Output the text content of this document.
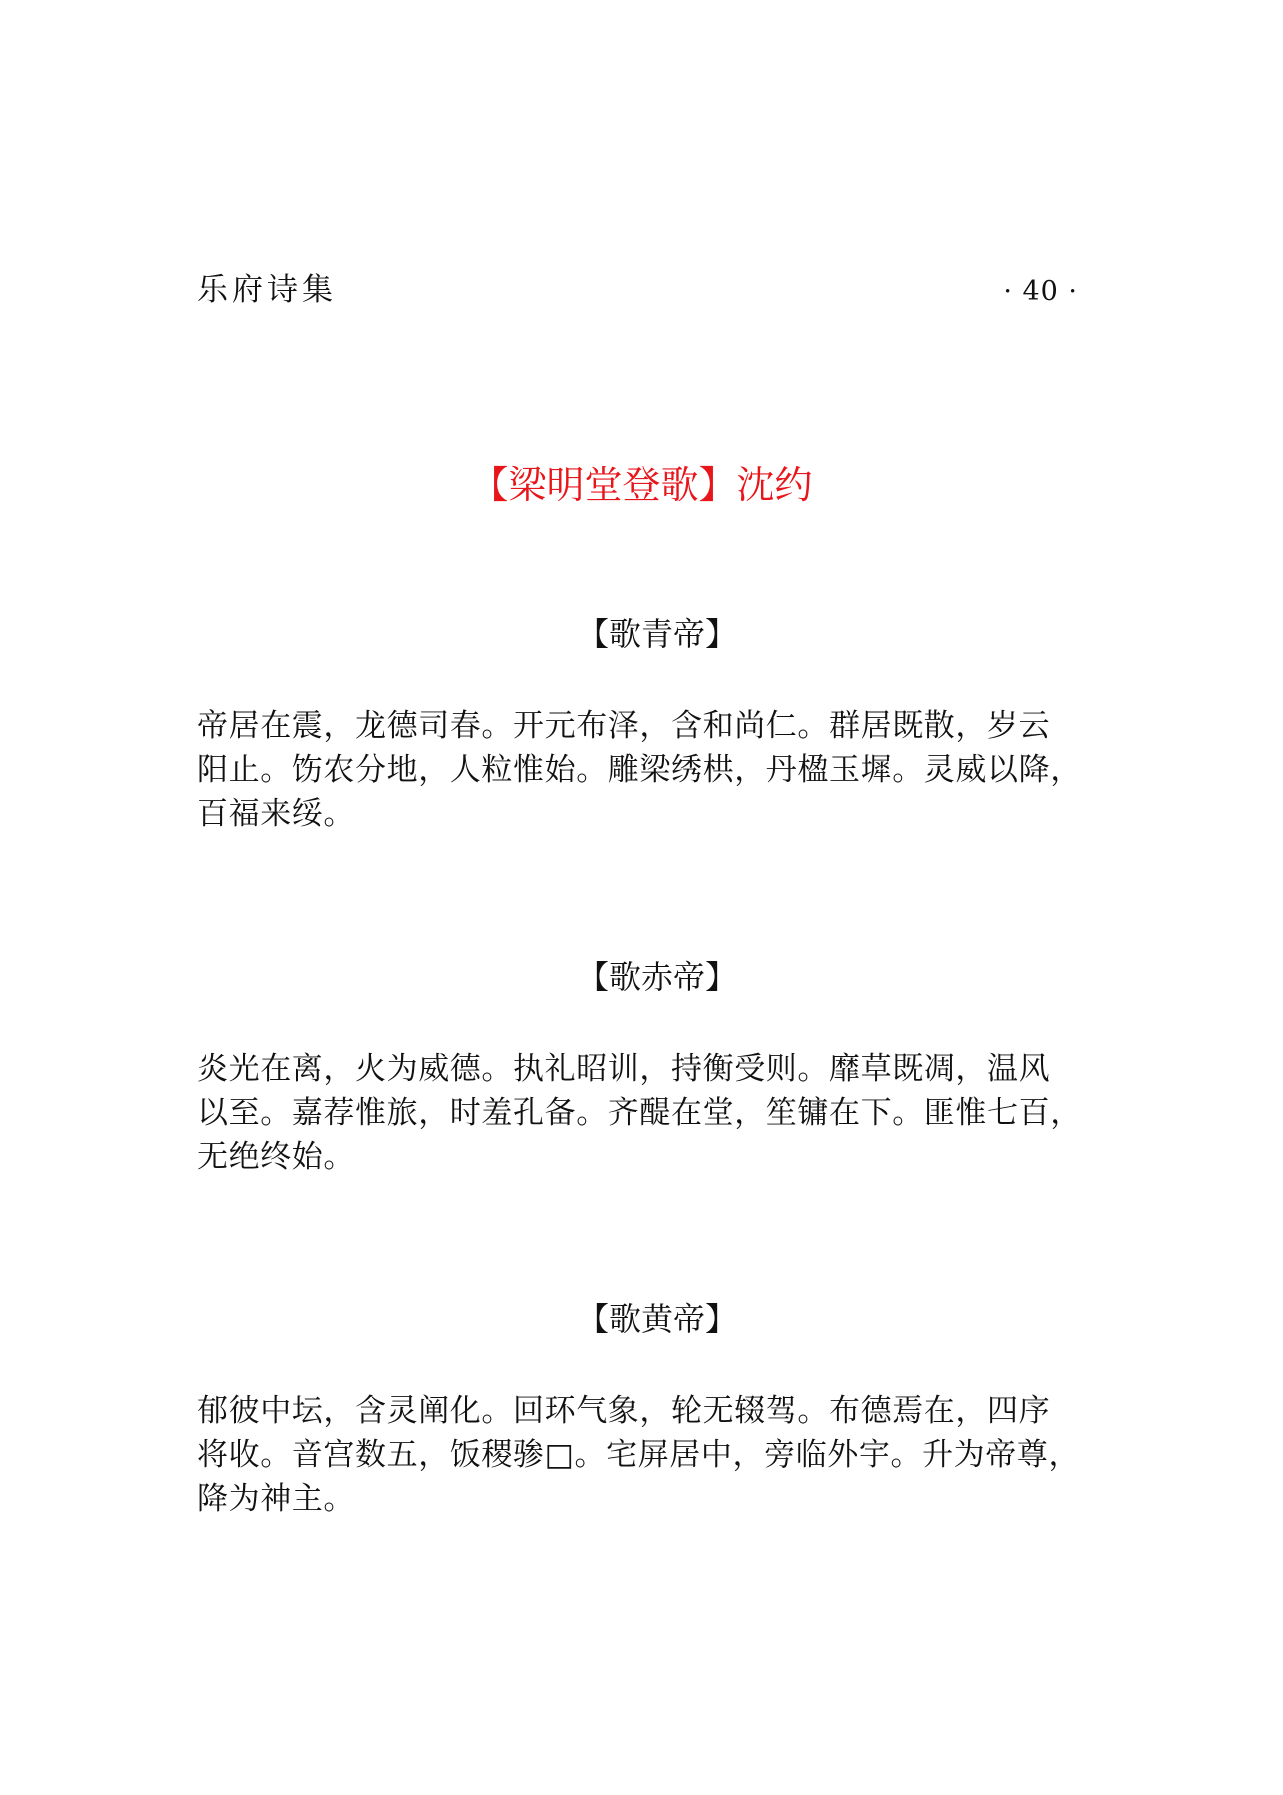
乐府诗集	· 40 ·
【梁明堂登歌】沈约
【歌青帝】

帝居在震，龙德司春。开元布泽，含和尚仁。群居既散，岁云
阳止。饬农分地，人粒惟始。雕梁绣栱，丹楹玉墀。灵威以降，
百福来绥。

【歌赤帝】

炎光在离，火为威德。执礼昭训，持衡受则。靡草既凋，温风
以至。嘉荐惟旅，时羞孔备。齐醍在堂，笙镛在下。匪惟七百，
无绝终始。

【歌黄帝】

郁彼中坛，含灵阐化。回环气象，轮无辍驾。布德焉在，四序
将收。音宫数五，饭稷骖□。宅屏居中，旁临外宇。升为帝尊，
降为神主。
